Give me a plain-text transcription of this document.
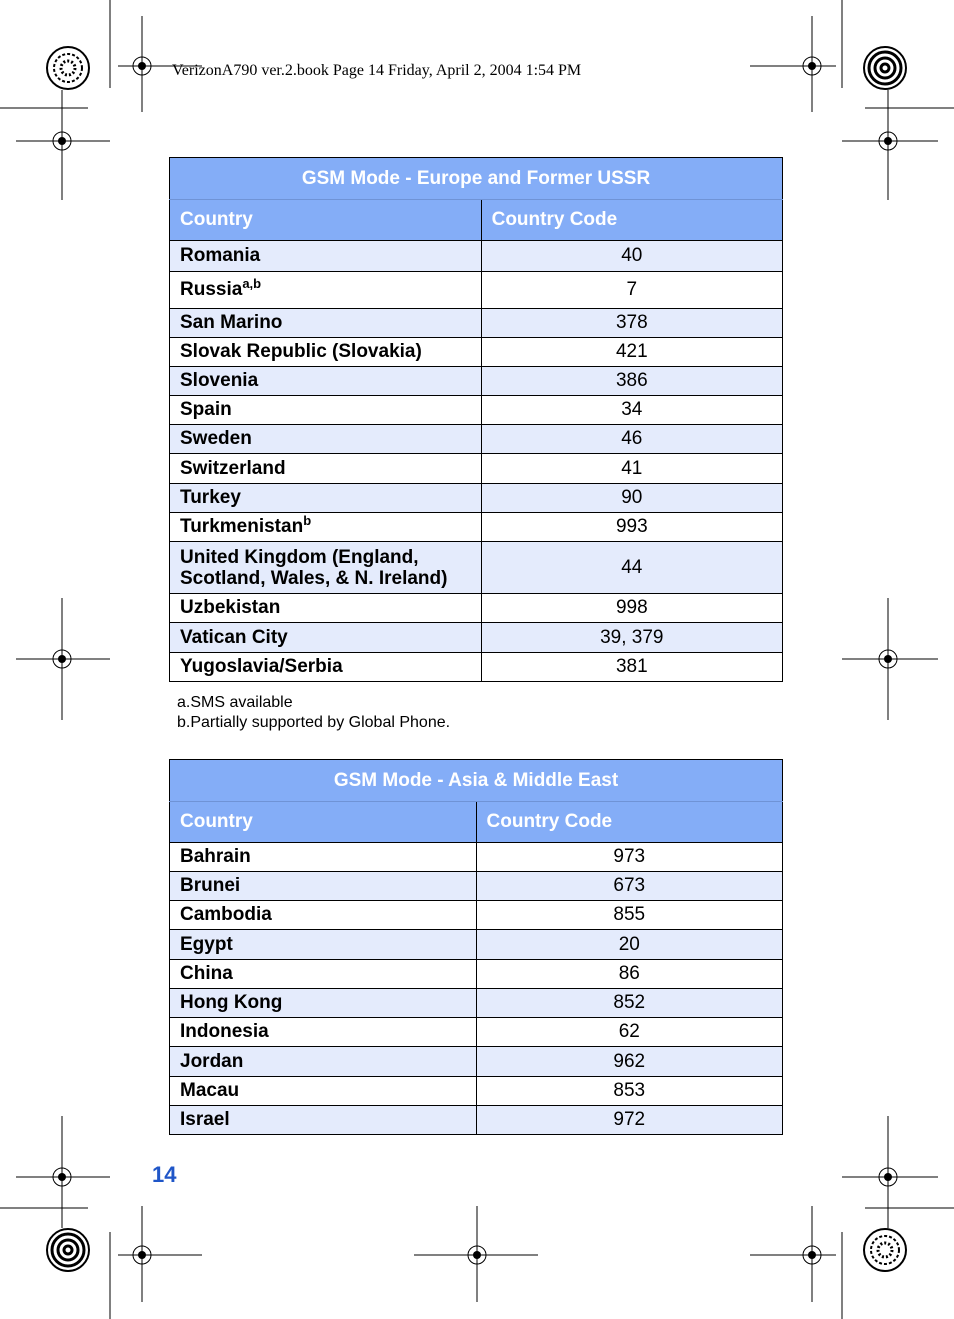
VerizonA790 ver.2.book Page 14 Friday, April 2, 2004 1:54 PM
GSM Mode - Europe and Former USSR	
Country	Country Code
Romania	40
Russia$^{a,b}$	7
San Marino	378
Slovak Republic (Slovakia)	421
Slovenia	386
Spain	34
Sweden	46
Switzerland	41
Turkey	90
Turkmenistan$^b$	993
United Kingdom (England, Scotland, Wales, & N. Ireland)	44
Uzbekistan	998
Vatican City	39, 379
Yugoslavia/Serbia	381
a.SMS available
b.Partially supported by Global Phone.
GSM Mode - Asia & Middle East	
Country	Country Code
Bahrain	973
Brunei	673
Cambodia	855
Egypt	20
China	86
Hong Kong	852
Indonesia	62
Jordan	962
Macau	853
Israel	972
14
